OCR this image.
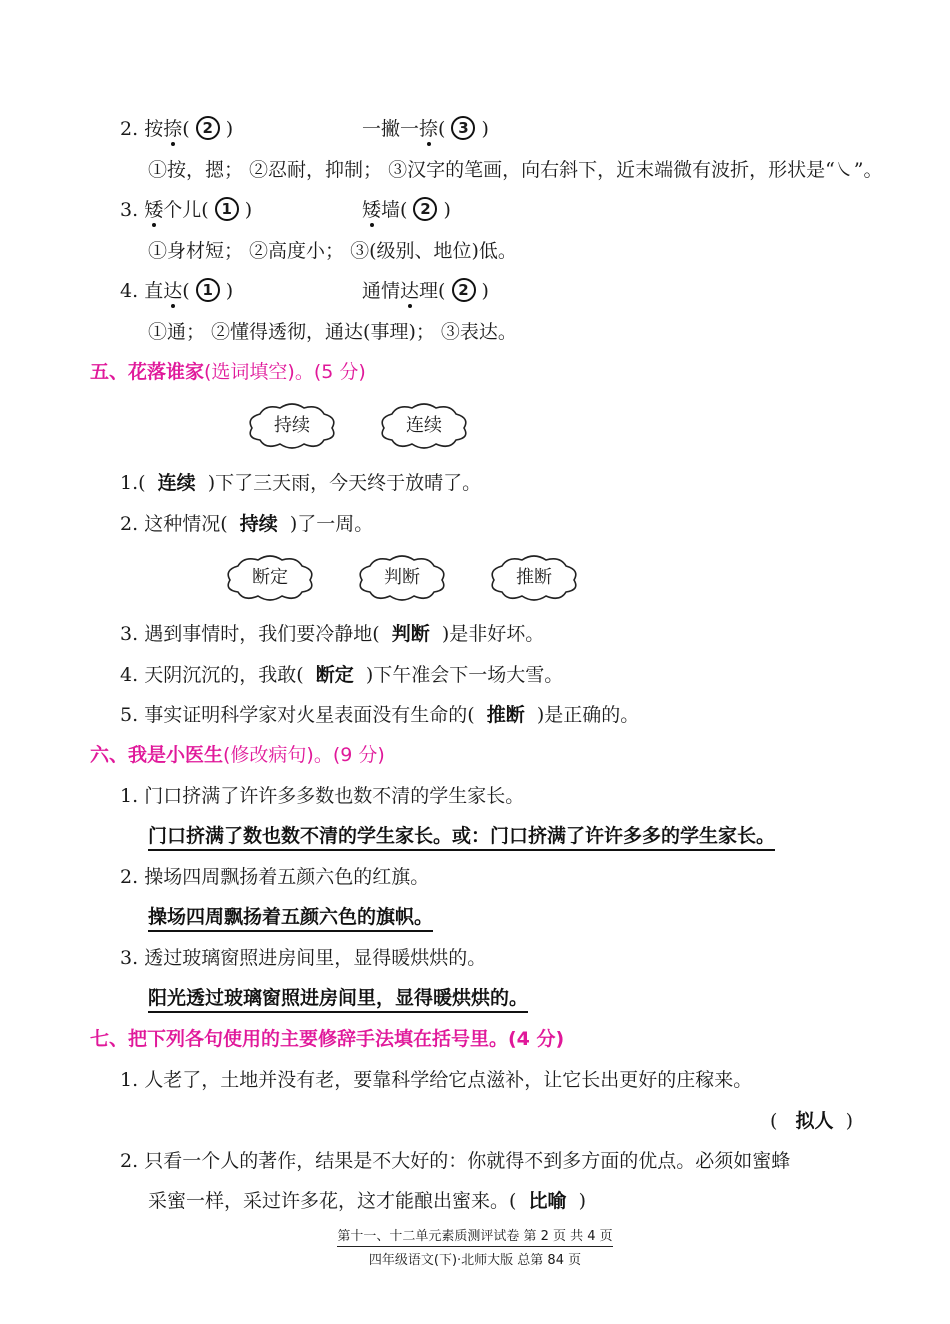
2. 按捺( 2 )	一撇一捺( 3 )
①按，摁； ②忍耐，抑制； ③汉字的笔画，向右斜下，近末端微有波折，形状是“㇏”。
3. 矮个儿( 1 )	矮墙( 2 )
①身材短； ②高度小； ③(级别、地位)低。
4. 直达( 1 )	通情达理( 2 )
①通； ②懂得透彻，通达(事理)； ③表达。
五、花落谁家(选词填空)。(5 分)
持续	连续
1.( 连续 )下了三天雨，今天终于放晴了。
2. 这种情况( 持续 )了一周。
断定	判断	推断
3. 遇到事情时，我们要冷静地( 判断 )是非好坏。
4. 天阴沉沉的，我敢( 断定 )下午准会下一场大雪。
5. 事实证明科学家对火星表面没有生命的( 推断 )是正确的。
六、我是小医生(修改病句)。(9 分)
1. 门口挤满了许许多多数也数不清的学生家长。
门口挤满了数也数不清的学生家长。或：门口挤满了许许多多的学生家长。
2. 操场四周飘扬着五颜六色的红旗。
操场四周飘扬着五颜六色的旗帜。
3. 透过玻璃窗照进房间里，显得暖烘烘的。
阳光透过玻璃窗照进房间里，显得暖烘烘的。
七、把下列各句使用的主要修辞手法填在括号里。(4 分)
1. 人老了，土地并没有老，要靠科学给它点滋补，让它长出更好的庄稼来。
(   拟人  )
2. 只看一个人的著作，结果是不大好的：你就得不到多方面的优点。必须如蜜蜂
采蜜一样，采过许多花，这才能酿出蜜来。( 比喻 )
第十一、十二单元素质测评试卷 第 2 页 共 4 页
四年级语文(下)·北师大版 总第 84 页
